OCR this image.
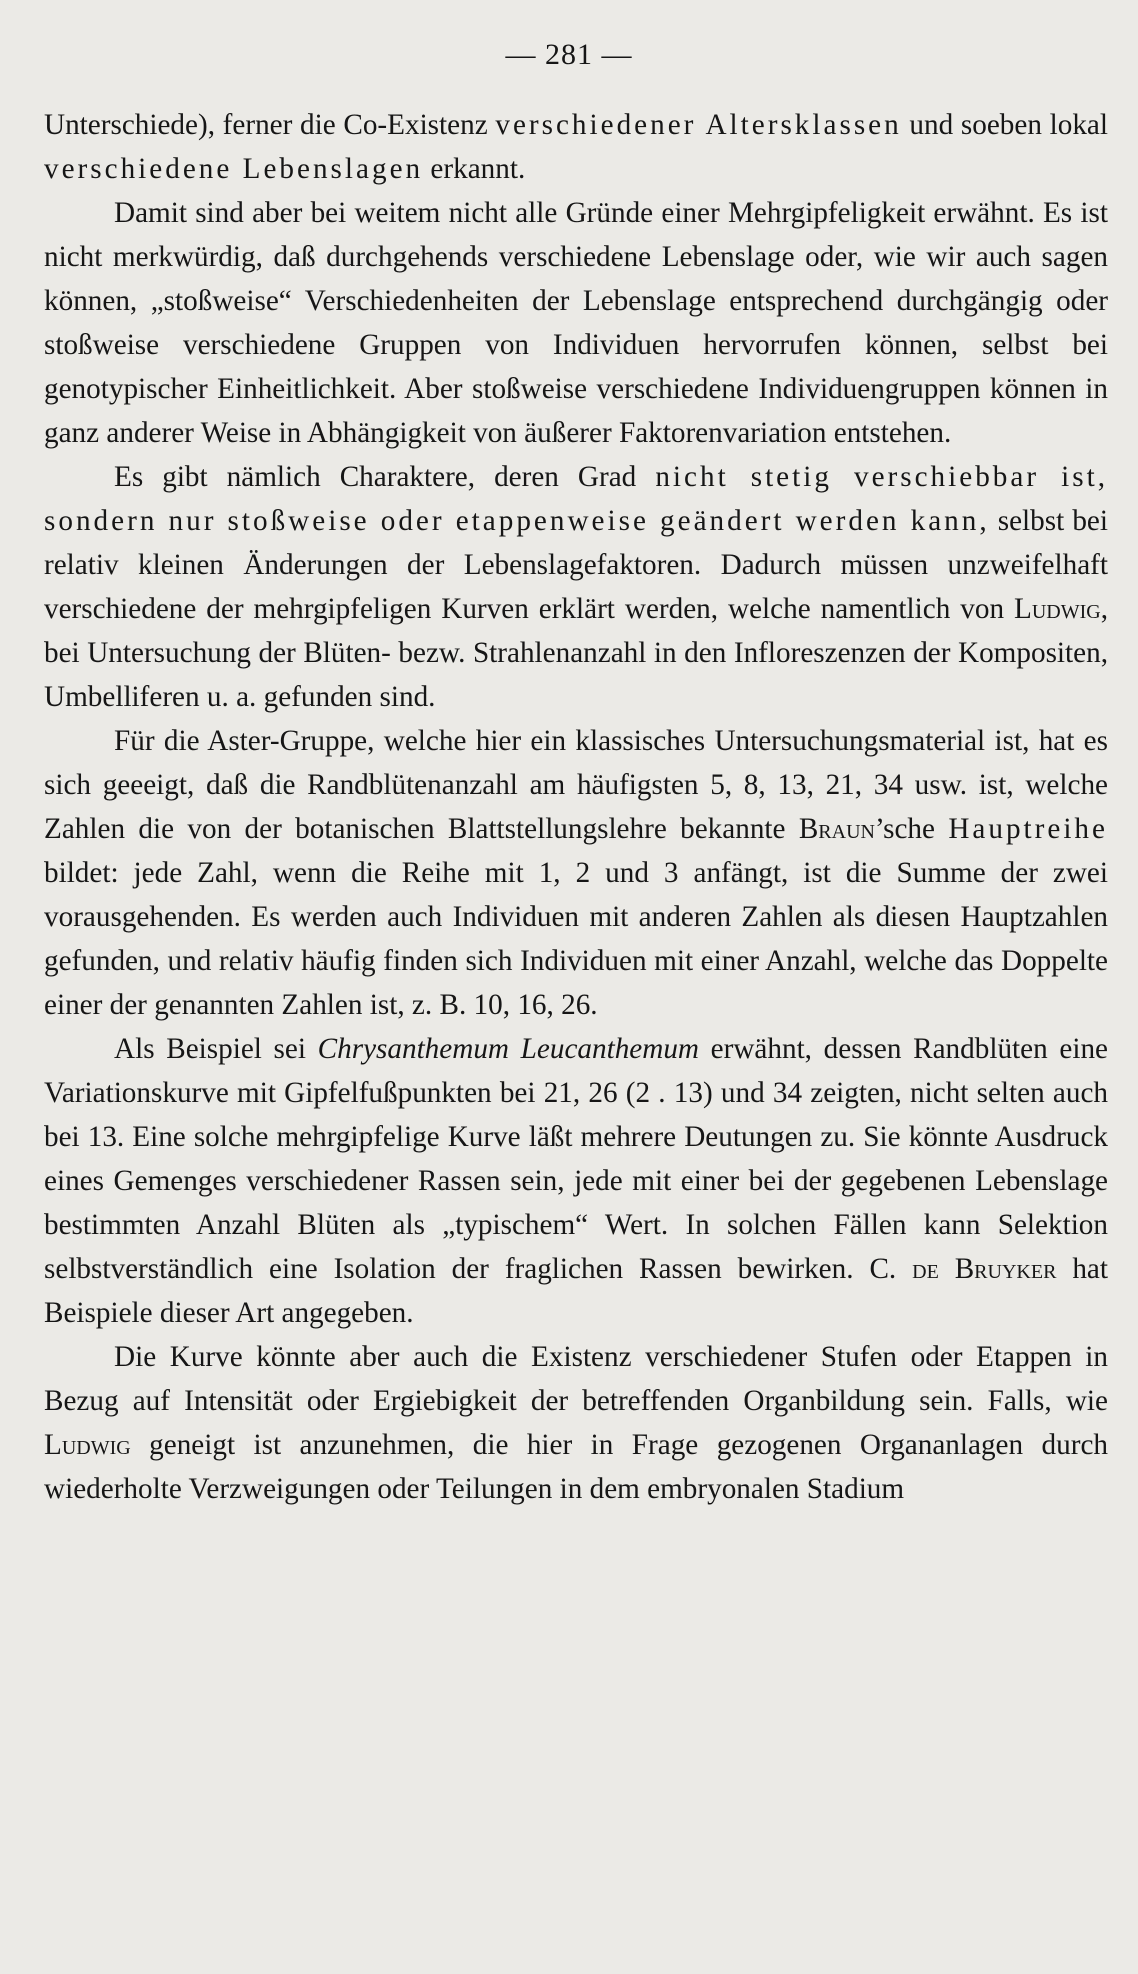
— 281 —

Unterschiede), ferner die Co-Existenz verschiedener Altersklassen und soeben lokal verschiedene Lebenslagen erkannt.

Damit sind aber bei weitem nicht alle Gründe einer Mehrgipfeligkeit erwähnt. Es ist nicht merkwürdig, daß durchgehends verschiedene Lebenslage oder, wie wir auch sagen können, „stoßweise“ Verschiedenheiten der Lebenslage entsprechend durchgängig oder stoßweise verschiedene Gruppen von Individuen hervorrufen können, selbst bei genotypischer Einheitlichkeit. Aber stoßweise verschiedene Individuengruppen können in ganz anderer Weise in Abhängigkeit von äußerer Faktorenvariation entstehen.

Es gibt nämlich Charaktere, deren Grad nicht stetig verschiebbar ist, sondern nur stoßweise oder etappenweise geändert werden kann, selbst bei relativ kleinen Änderungen der Lebenslagefaktoren. Dadurch müssen unzweifelhaft verschiedene der mehrgipfeligen Kurven erklärt werden, welche namentlich von Ludwig, bei Untersuchung der Blüten- bezw. Strahlenanzahl in den Infloreszenzen der Kompositen, Umbelliferen u. a. gefunden sind.

Für die Aster-Gruppe, welche hier ein klassisches Untersuchungsmaterial ist, hat es sich geeeigt, daß die Randblütenanzahl am häufigsten 5, 8, 13, 21, 34 usw. ist, welche Zahlen die von der botanischen Blattstellungslehre bekannte Braun’sche Hauptreihe bildet: jede Zahl, wenn die Reihe mit 1, 2 und 3 anfängt, ist die Summe der zwei vorausgehenden. Es werden auch Individuen mit anderen Zahlen als diesen Hauptzahlen gefunden, und relativ häufig finden sich Individuen mit einer Anzahl, welche das Doppelte einer der genannten Zahlen ist, z. B. 10, 16, 26.

Als Beispiel sei Chrysanthemum Leucanthemum erwähnt, dessen Randblüten eine Variationskurve mit Gipfelfußpunkten bei 21, 26 (2 . 13) und 34 zeigten, nicht selten auch bei 13. Eine solche mehrgipfelige Kurve läßt mehrere Deutungen zu. Sie könnte Ausdruck eines Gemenges verschiedener Rassen sein, jede mit einer bei der gegebenen Lebenslage bestimmten Anzahl Blüten als „typischem“ Wert. In solchen Fällen kann Selektion selbstverständlich eine Isolation der fraglichen Rassen bewirken. C. de Bruyker hat Beispiele dieser Art angegeben.

Die Kurve könnte aber auch die Existenz verschiedener Stufen oder Etappen in Bezug auf Intensität oder Ergiebigkeit der betreffenden Organbildung sein. Falls, wie Ludwig geneigt ist anzunehmen, die hier in Frage gezogenen Organanlagen durch wiederholte Verzweigungen oder Teilungen in dem embryonalen Stadium
